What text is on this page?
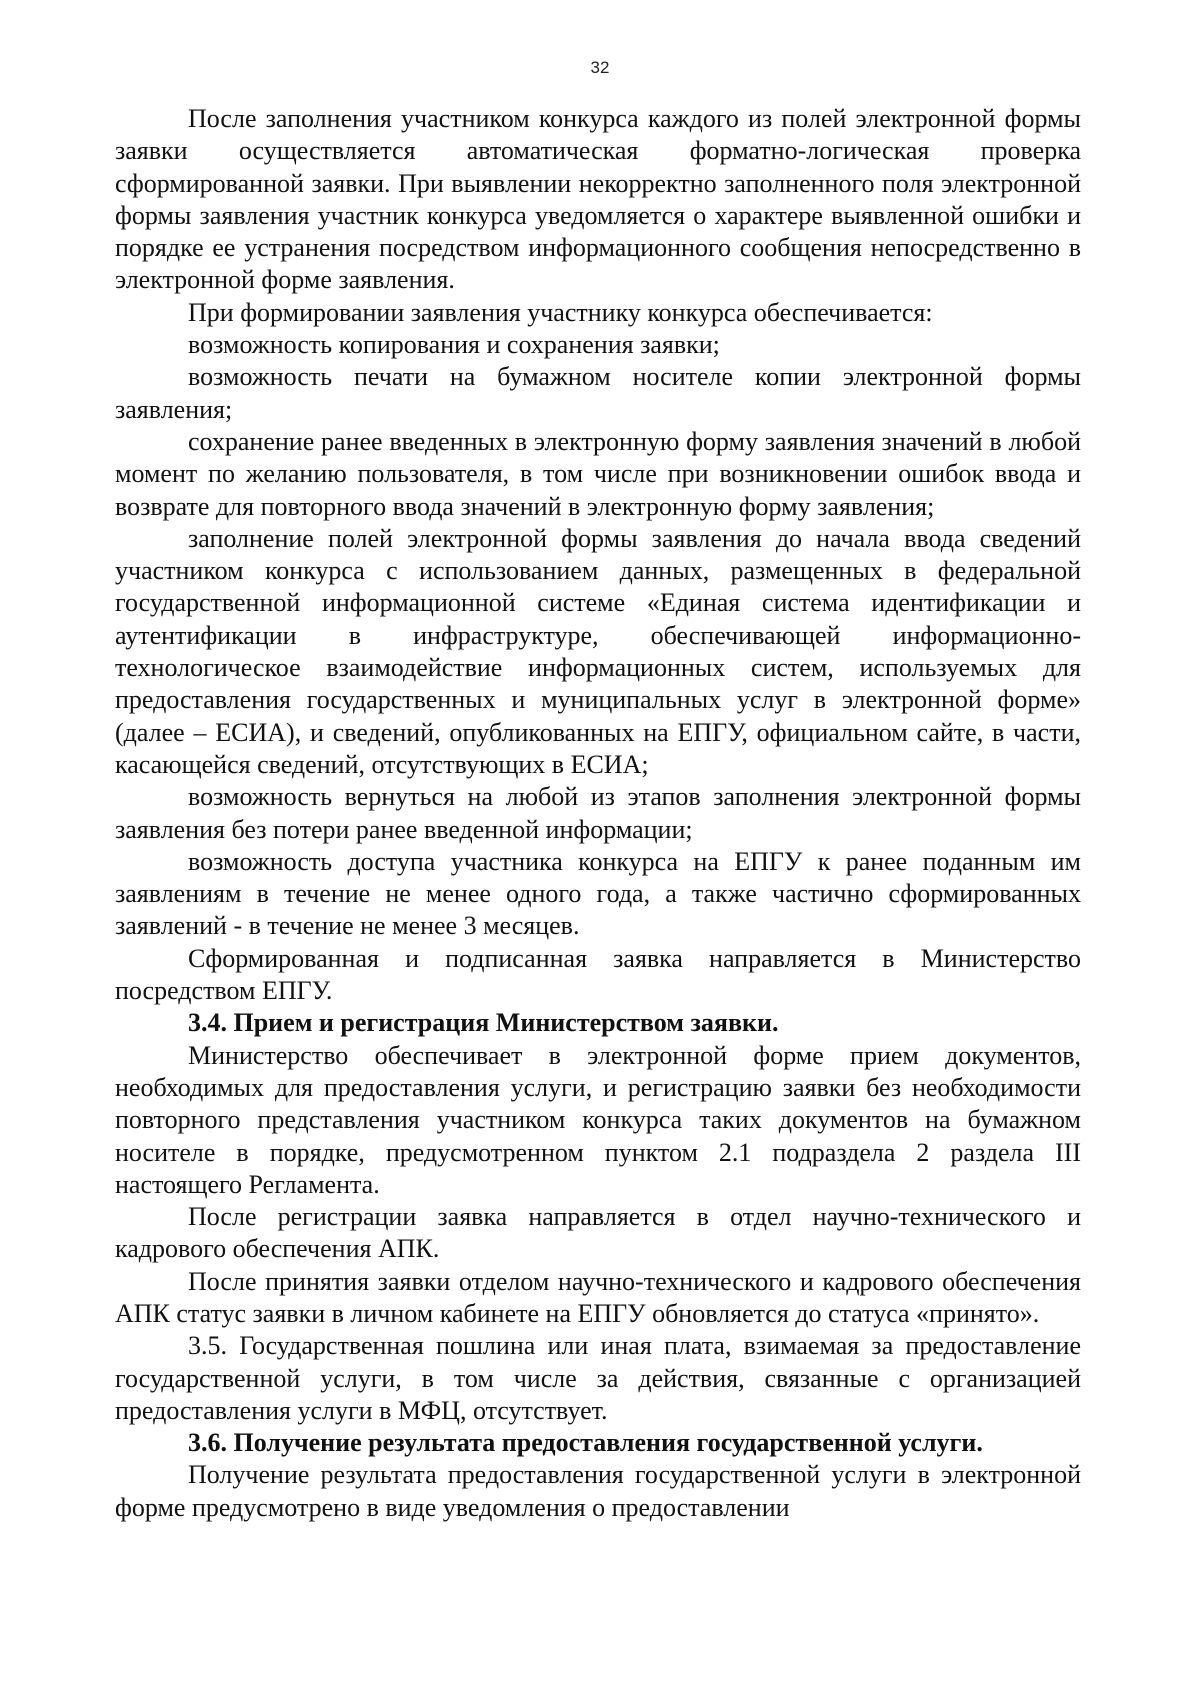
32

После заполнения участником конкурса каждого из полей электронной формы заявки осуществляется автоматическая форматно-логическая проверка сформированной заявки. При выявлении некорректно заполненного поля электронной формы заявления участник конкурса уведомляется о характере выявленной ошибки и порядке ее устранения посредством информационного сообщения непосредственно в электронной форме заявления.

При формировании заявления участнику конкурса обеспечивается:

возможность копирования и сохранения заявки;

возможность печати на бумажном носителе копии электронной формы заявления;

сохранение ранее введенных в электронную форму заявления значений в любой момент по желанию пользователя, в том числе при возникновении ошибок ввода и возврате для повторного ввода значений в электронную форму заявления;

заполнение полей электронной формы заявления до начала ввода сведений участником конкурса с использованием данных, размещенных в федеральной государственной информационной системе «Единая система идентификации и аутентификации в инфраструктуре, обеспечивающей информационно-технологическое взаимодействие информационных систем, используемых для предоставления государственных и муниципальных услуг в электронной форме» (далее – ЕСИА), и сведений, опубликованных на ЕПГУ, официальном сайте, в части, касающейся сведений, отсутствующих в ЕСИА;

возможность вернуться на любой из этапов заполнения электронной формы заявления без потери ранее введенной информации;

возможность доступа участника конкурса на ЕПГУ к ранее поданным им заявлениям в течение не менее одного года, а также частично сформированных заявлений - в течение не менее 3 месяцев.

Сформированная и подписанная заявка направляется в Министерство посредством ЕПГУ.

3.4. Прием и регистрация Министерством заявки.

Министерство обеспечивает в электронной форме прием документов, необходимых для предоставления услуги, и регистрацию заявки без необходимости повторного представления участником конкурса таких документов на бумажном носителе в порядке, предусмотренном пунктом 2.1 подраздела 2 раздела III настоящего Регламента.

После регистрации заявка направляется в отдел научно-технического и кадрового обеспечения АПК.

После принятия заявки отделом научно-технического и кадрового обеспечения АПК статус заявки в личном кабинете на ЕПГУ обновляется до статуса «принято».

3.5. Государственная пошлина или иная плата, взимаемая за предоставление государственной услуги, в том числе за действия, связанные с организацией предоставления услуги в МФЦ, отсутствует.

3.6. Получение результата предоставления государственной услуги.

Получение результата предоставления государственной услуги в электронной форме предусмотрено в виде уведомления о предоставлении
